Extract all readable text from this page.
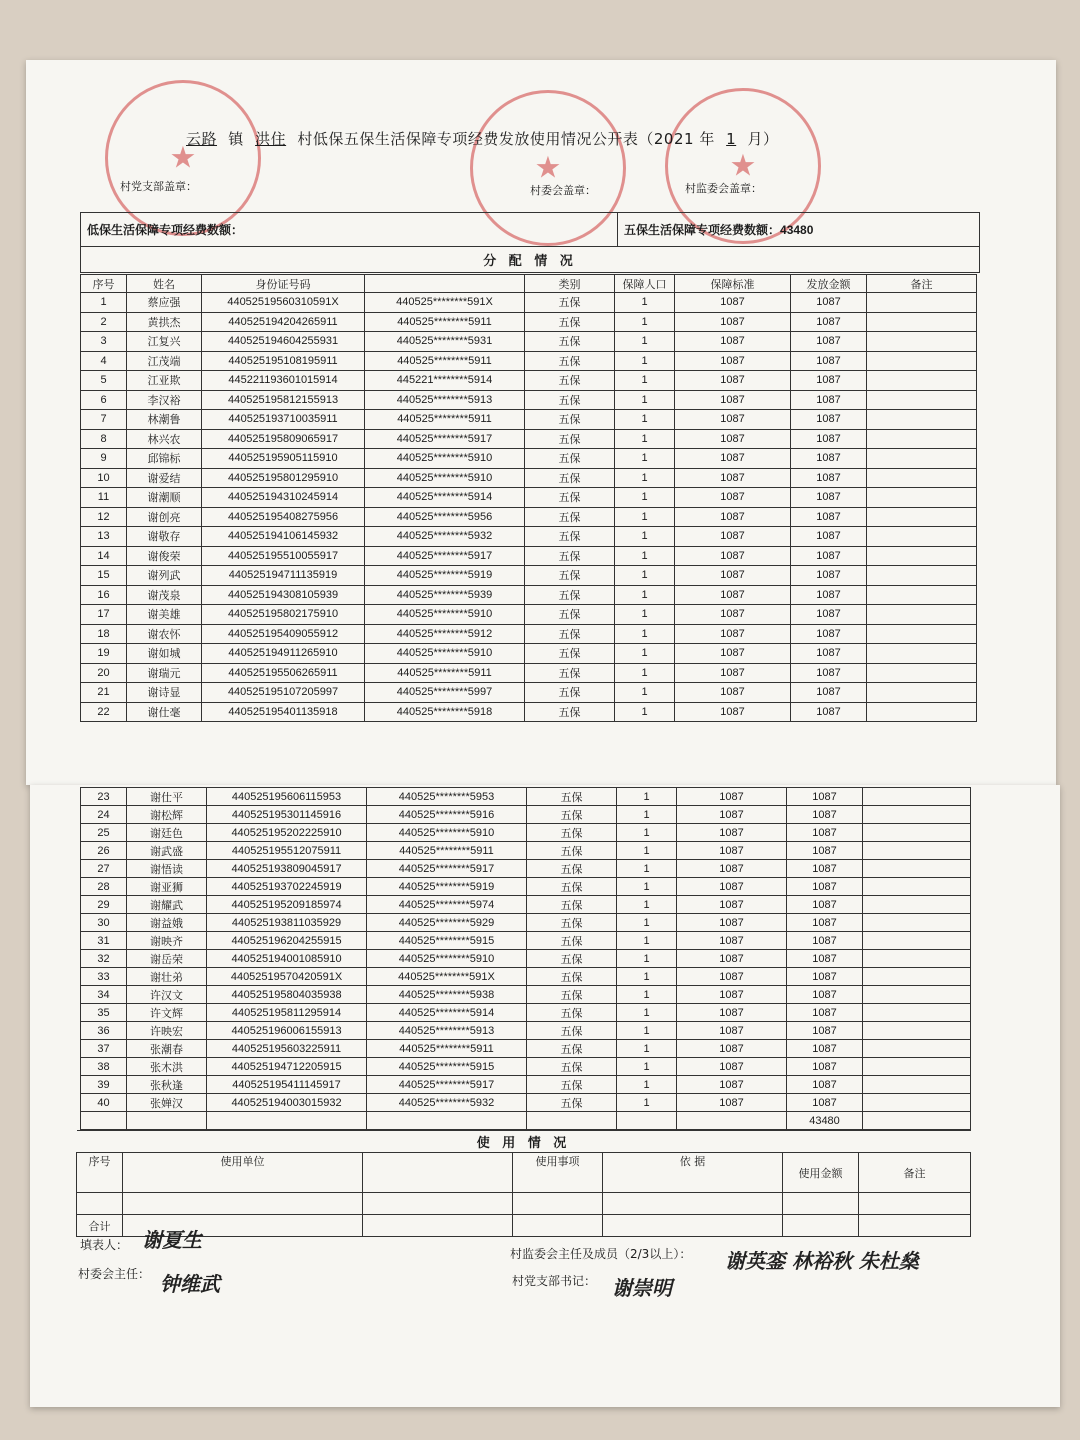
★
★
★
云路 镇 洪住 村低保五保生活保障专项经费发放使用情况公开表（2021 年 1 月）
村党支部盖章：	村委会盖章：	村监委会盖章：
低保生活保障专项经费数额：	五保生活保障专项经费数额：43480
分 配 情 况
序号	姓名	身份证号码		类别	保障人口	保障标准	发放金额	备注
1	蔡应强	44052519560310591X	440525********591X	五保	1	1087	1087	
2	黄拱杰	440525194204265911	440525********5911	五保	1	1087	1087	
3	江复兴	440525194604255931	440525********5931	五保	1	1087	1087	
4	江茂端	440525195108195911	440525********5911	五保	1	1087	1087	
5	江亚欺	445221193601015914	445221********5914	五保	1	1087	1087	
6	李汉裕	440525195812155913	440525********5913	五保	1	1087	1087	
7	林潮鲁	440525193710035911	440525********5911	五保	1	1087	1087	
8	林兴农	440525195809065917	440525********5917	五保	1	1087	1087	
9	邱锦标	440525195905115910	440525********5910	五保	1	1087	1087	
10	谢爱结	440525195801295910	440525********5910	五保	1	1087	1087	
11	谢潮顺	440525194310245914	440525********5914	五保	1	1087	1087	
12	谢创亮	440525195408275956	440525********5956	五保	1	1087	1087	
13	谢敬存	440525194106145932	440525********5932	五保	1	1087	1087	
14	谢俊荣	440525195510055917	440525********5917	五保	1	1087	1087	
15	谢列武	440525194711135919	440525********5919	五保	1	1087	1087	
16	谢茂泉	440525194308105939	440525********5939	五保	1	1087	1087	
17	谢美雄	440525195802175910	440525********5910	五保	1	1087	1087	
18	谢农怀	440525195409055912	440525********5912	五保	1	1087	1087	
19	谢如城	440525194911265910	440525********5910	五保	1	1087	1087	
20	谢瑞元	440525195506265911	440525********5911	五保	1	1087	1087	
21	谢诗显	440525195107205997	440525********5997	五保	1	1087	1087	
22	谢仕毫	440525195401135918	440525********5918	五保	1	1087	1087	
23	谢仕平	440525195606115953	440525********5953	五保	1	1087	1087	
24	谢松辉	440525195301145916	440525********5916	五保	1	1087	1087	
25	谢廷色	440525195202225910	440525********5910	五保	1	1087	1087	
26	谢武盛	440525195512075911	440525********5911	五保	1	1087	1087	
27	谢悟读	440525193809045917	440525********5917	五保	1	1087	1087	
28	谢亚狮	440525193702245919	440525********5919	五保	1	1087	1087	
29	谢耀武	440525195209185974	440525********5974	五保	1	1087	1087	
30	谢益娥	440525193811035929	440525********5929	五保	1	1087	1087	
31	谢映齐	440525196204255915	440525********5915	五保	1	1087	1087	
32	谢岳荣	440525194001085910	440525********5910	五保	1	1087	1087	
33	谢壮弟	44052519570420591X	440525********591X	五保	1	1087	1087	
34	许汉文	440525195804035938	440525********5938	五保	1	1087	1087	
35	许文辉	440525195811295914	440525********5914	五保	1	1087	1087	
36	许映宏	440525196006155913	440525********5913	五保	1	1087	1087	
37	张潮春	440525195603225911	440525********5911	五保	1	1087	1087	
38	张木洪	440525194712205915	440525********5915	五保	1	1087	1087	
39	张秋逢	440525195411145917	440525********5917	五保	1	1087	1087	
40	张婵汉	440525194003015932	440525********5932	五保	1	1087	1087	
							43480	
使 用 情 况						
序号	使用单位		使用事项	依 据	使用金额	备注

合计						
填表人： 谢夏生
村委会主任： 钟维武
村监委会主任及成员（2/3以上）： 谢英銮 林裕秋 朱杜燊
村党支部书记： 谢崇明
